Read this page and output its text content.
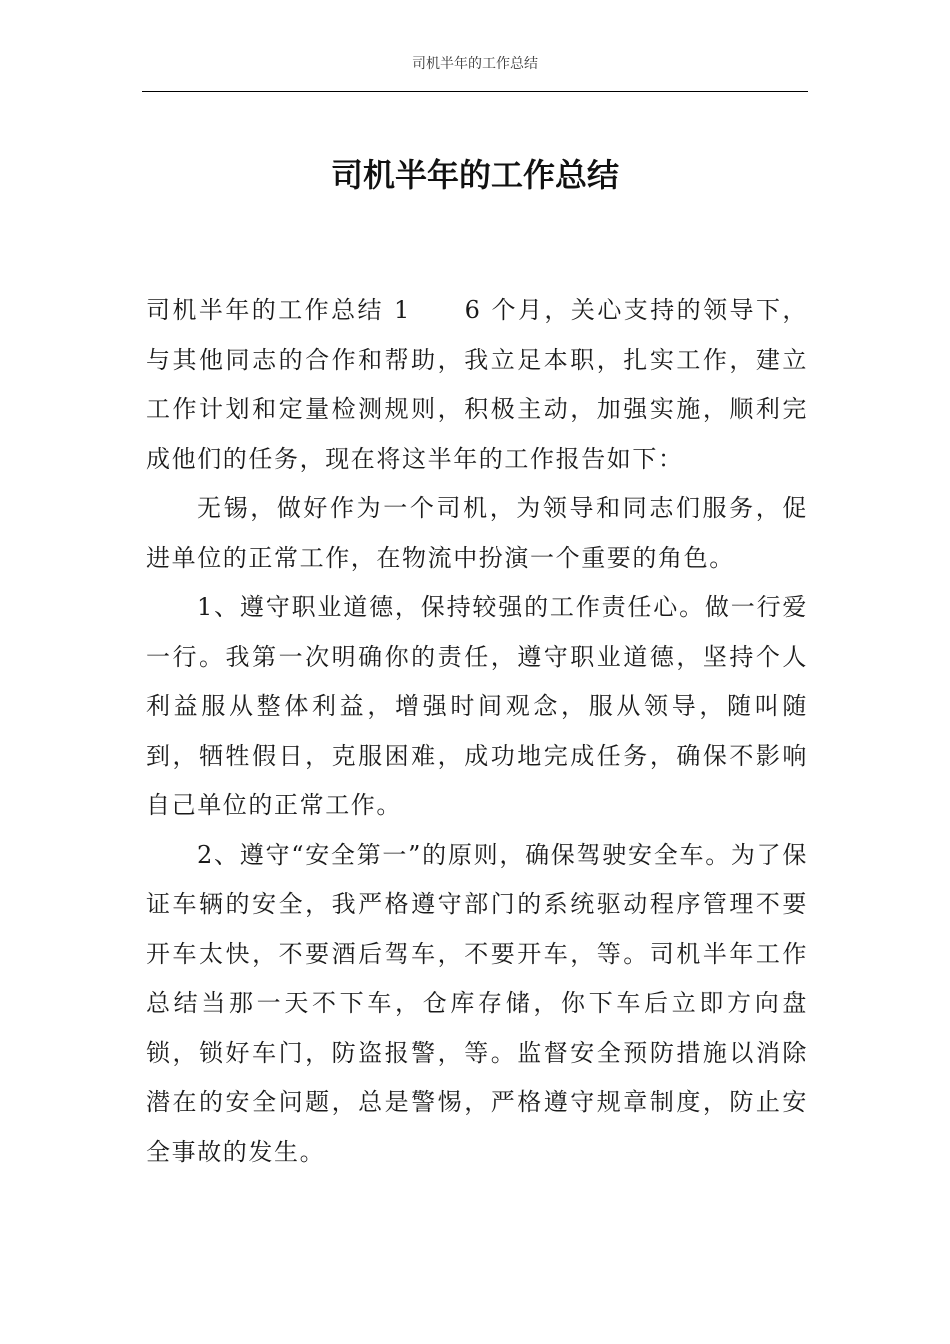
司机半年的工作总结
司机半年的工作总结

司机半年的工作总结 1　　6 个月，关心支持的领导下，与其他同志的合作和帮助，我立足本职，扎实工作，建立工作计划和定量检测规则，积极主动，加强实施，顺利完成他们的任务，现在将这半年的工作报告如下：

无锡，做好作为一个司机，为领导和同志们服务，促进单位的正常工作，在物流中扮演一个重要的角色。

1、遵守职业道德，保持较强的工作责任心。做一行爱一行。我第一次明确你的责任，遵守职业道德，坚持个人利益服从整体利益，增强时间观念，服从领导，随叫随到，牺牲假日，克服困难，成功地完成任务，确保不影响自己单位的正常工作。

2、遵守“安全第一”的原则，确保驾驶安全车。为了保证车辆的安全，我严格遵守部门的系统驱动程序管理不要开车太快，不要酒后驾车，不要开车，等。司机半年工作总结当那一天不下车，仓库存储，你下车后立即方向盘锁，锁好车门，防盗报警，等。监督安全预防措施以消除潜在的安全问题，总是警惕，严格遵守规章制度，防止安全事故的发生。
